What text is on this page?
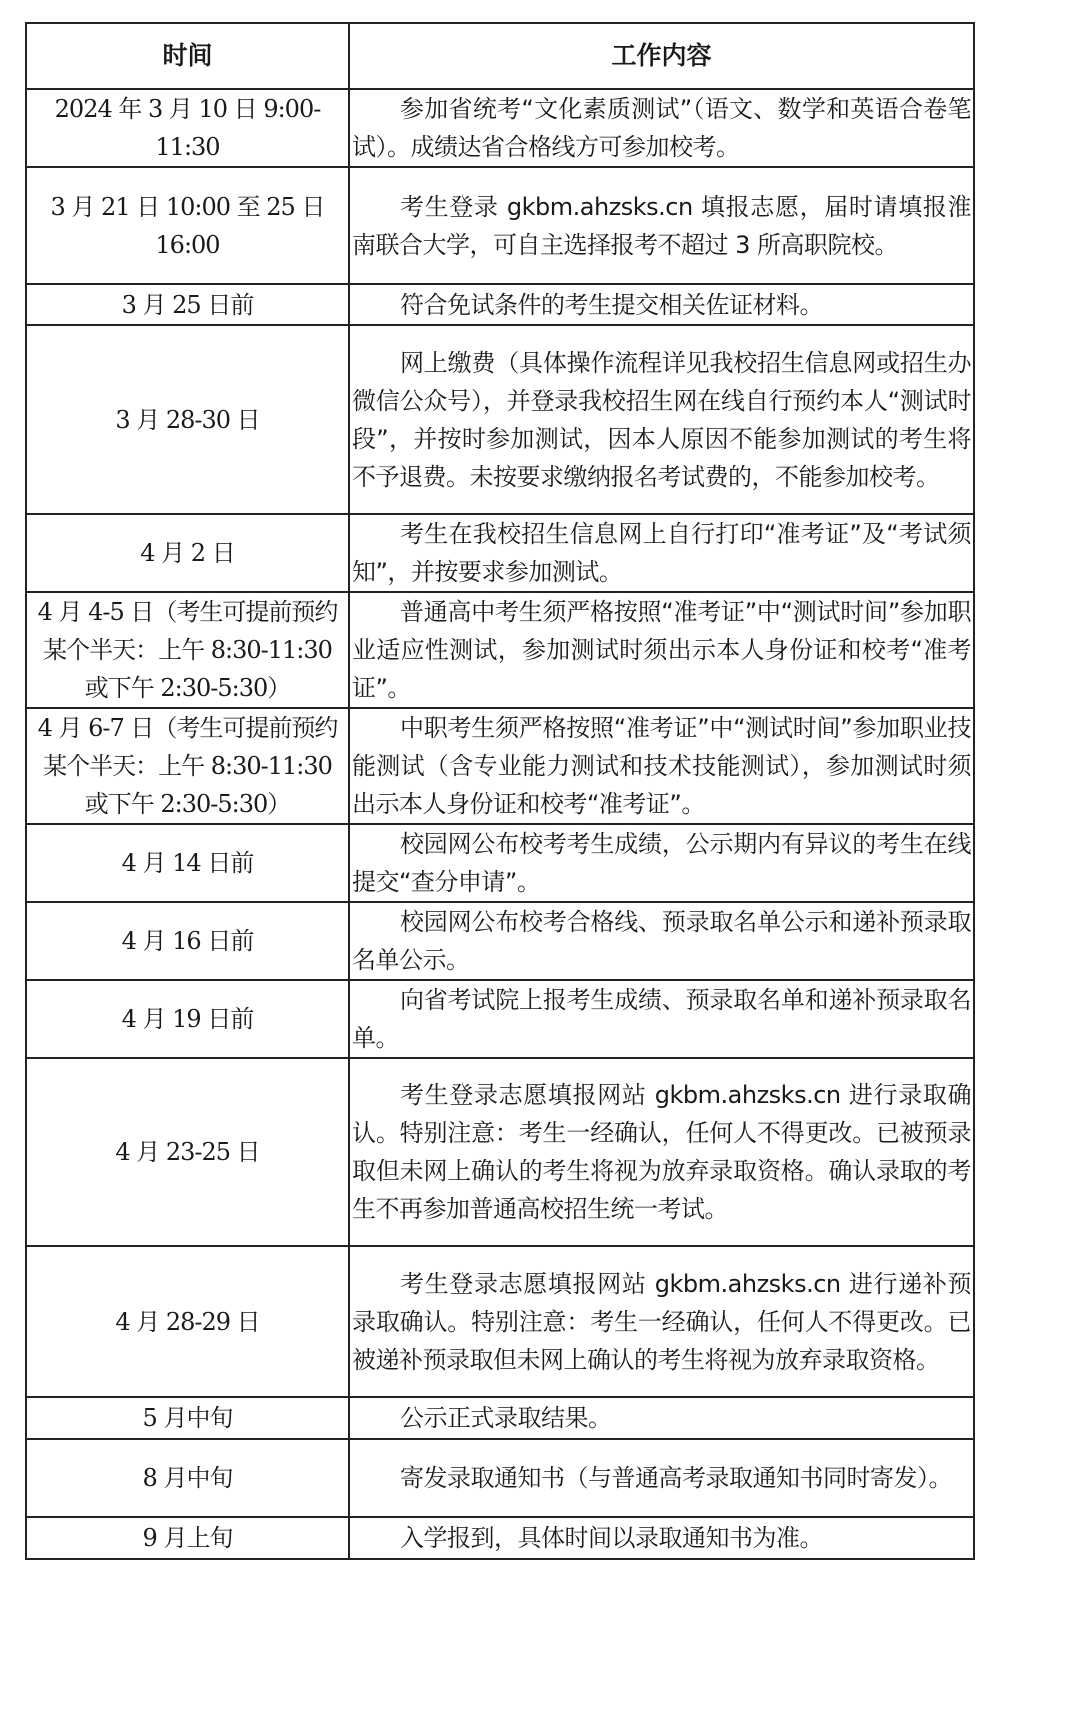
时间	工作内容
2024 年 3 月 10 日 9:00-11:30	参加省统考“文化素质测试”（语文、数学和英语合卷笔试）。成绩达省合格线方可参加校考。
3 月 21 日 10:00 至 25 日 16:00	考生登录 gkbm.ahzsks.cn 填报志愿，届时请填报淮南联合大学，可自主选择报考不超过 3 所高职院校。
3 月 25 日前	符合免试条件的考生提交相关佐证材料。
3 月 28-30 日	网上缴费（具体操作流程详见我校招生信息网或招生办微信公众号），并登录我校招生网在线自行预约本人“测试时段”，并按时参加测试，因本人原因不能参加测试的考生将不予退费。未按要求缴纳报名考试费的，不能参加校考。
4 月 2 日	考生在我校招生信息网上自行打印“准考证”及“考试须知”，并按要求参加测试。
4 月 4-5 日（考生可提前预约某个半天：上午 8:30-11:30 或下午 2:30-5:30）	普通高中考生须严格按照“准考证”中“测试时间”参加职业适应性测试，参加测试时须出示本人身份证和校考“准考证”。
4 月 6-7 日（考生可提前预约某个半天：上午 8:30-11:30 或下午 2:30-5:30）	中职考生须严格按照“准考证”中“测试时间”参加职业技能测试（含专业能力测试和技术技能测试），参加测试时须出示本人身份证和校考“准考证”。
4 月 14 日前	校园网公布校考考生成绩，公示期内有异议的考生在线提交“查分申请”。
4 月 16 日前	校园网公布校考合格线、预录取名单公示和递补预录取名单公示。
4 月 19 日前	向省考试院上报考生成绩、预录取名单和递补预录取名单。
4 月 23-25 日	考生登录志愿填报网站 gkbm.ahzsks.cn 进行录取确认。特别注意：考生一经确认，任何人不得更改。已被预录取但未网上确认的考生将视为放弃录取资格。确认录取的考生不再参加普通高校招生统一考试。
4 月 28-29 日	考生登录志愿填报网站 gkbm.ahzsks.cn 进行递补预录取确认。特别注意：考生一经确认，任何人不得更改。已被递补预录取但未网上确认的考生将视为放弃录取资格。
5 月中旬	公示正式录取结果。
8 月中旬	寄发录取通知书（与普通高考录取通知书同时寄发）。
9 月上旬	入学报到，具体时间以录取通知书为准。
